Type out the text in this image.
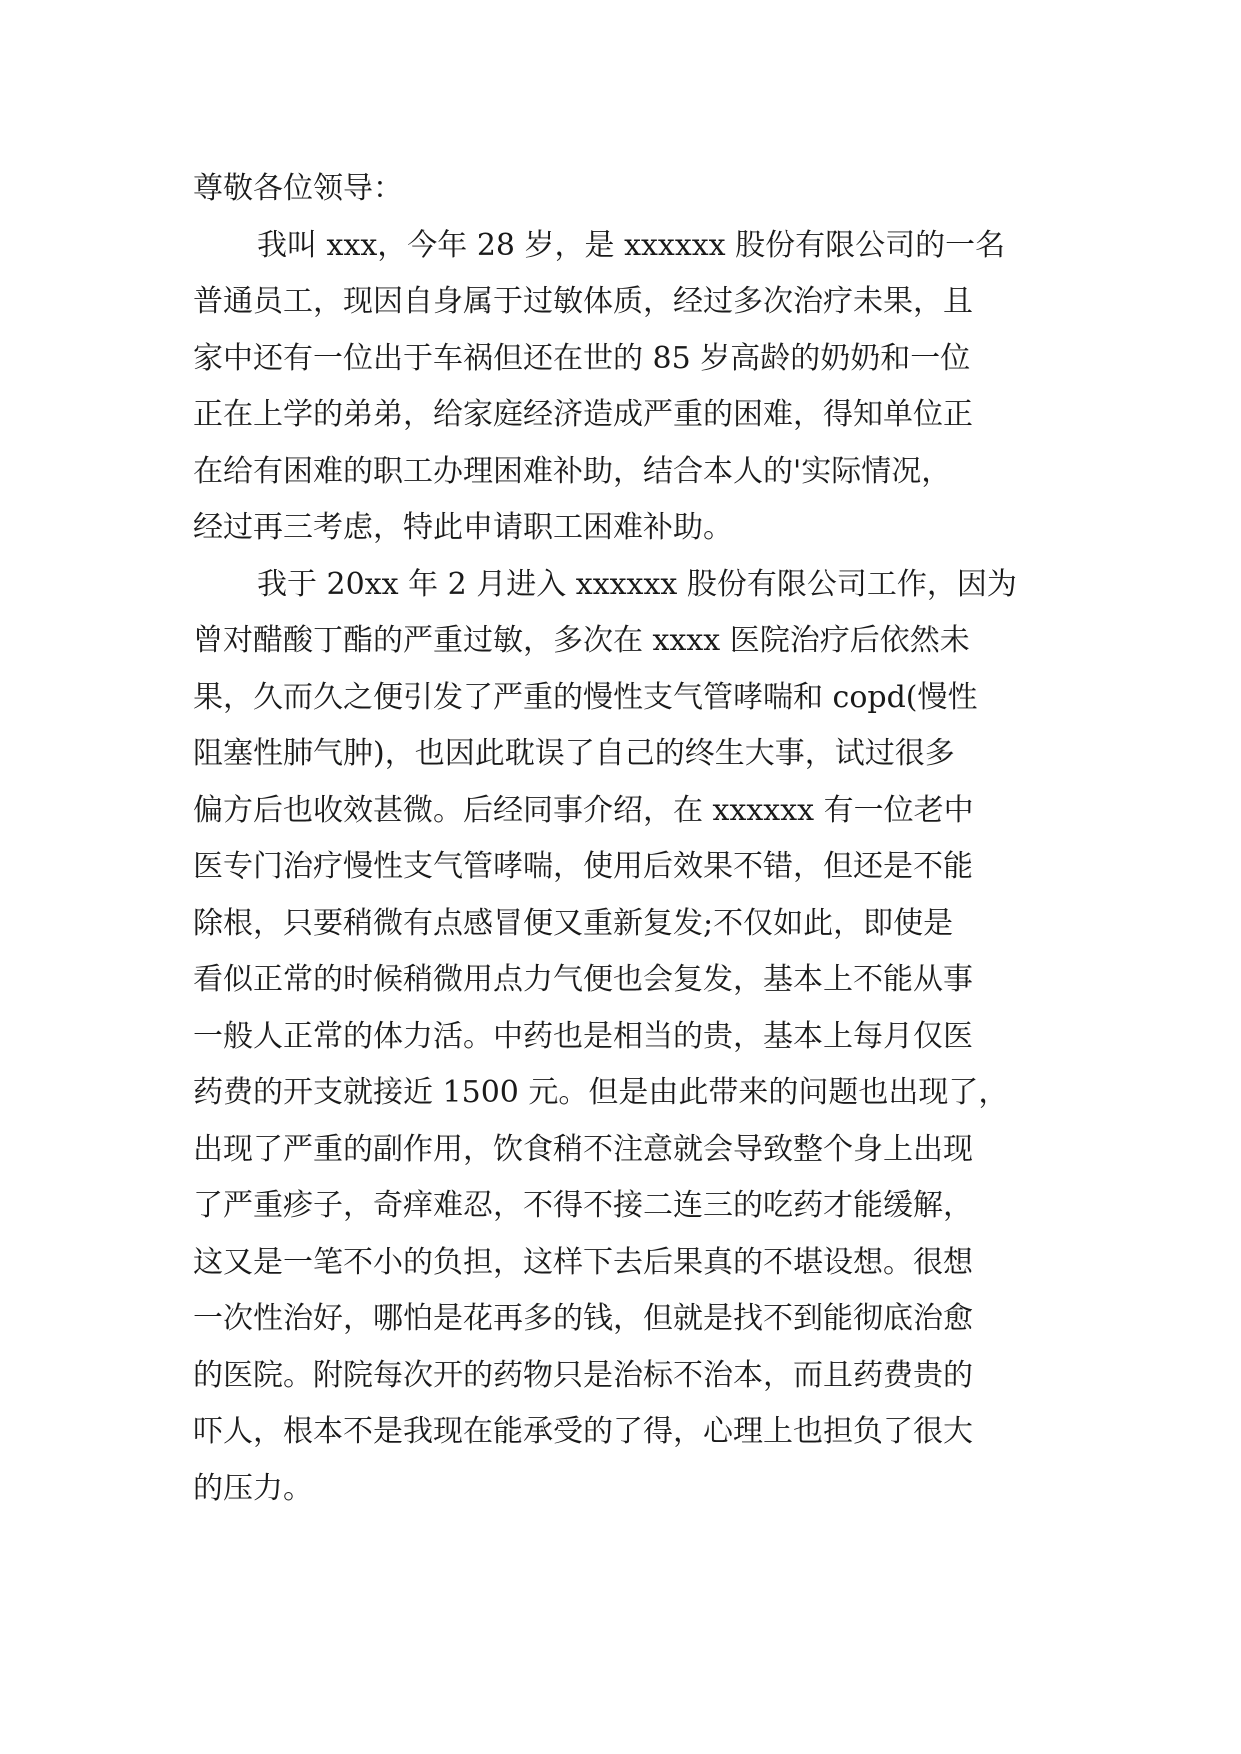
尊敬各位领导：
我叫 xxx，今年 28 岁，是 xxxxxx 股份有限公司的一名
普通员工，现因自身属于过敏体质，经过多次治疗未果，且
家中还有一位出于车祸但还在世的 85 岁高龄的奶奶和一位
正在上学的弟弟，给家庭经济造成严重的困难，得知单位正
在给有困难的职工办理困难补助，结合本人的'实际情况，
经过再三考虑，特此申请职工困难补助。
我于 20xx 年 2 月进入 xxxxxx 股份有限公司工作，因为
曾对醋酸丁酯的严重过敏，多次在 xxxx 医院治疗后依然未
果，久而久之便引发了严重的慢性支气管哮喘和 copd(慢性
阻塞性肺气肿)，也因此耽误了自己的终生大事，试过很多
偏方后也收效甚微。后经同事介绍，在 xxxxxx 有一位老中
医专门治疗慢性支气管哮喘，使用后效果不错，但还是不能
除根，只要稍微有点感冒便又重新复发;不仅如此，即使是
看似正常的时候稍微用点力气便也会复发，基本上不能从事
一般人正常的体力活。中药也是相当的贵，基本上每月仅医
药费的开支就接近 1500 元。但是由此带来的问题也出现了，
出现了严重的副作用，饮食稍不注意就会导致整个身上出现
了严重疹子，奇痒难忍，不得不接二连三的吃药才能缓解，
这又是一笔不小的负担，这样下去后果真的不堪设想。很想
一次性治好，哪怕是花再多的钱，但就是找不到能彻底治愈
的医院。附院每次开的药物只是治标不治本，而且药费贵的
吓人，根本不是我现在能承受的了得，心理上也担负了很大
的压力。
